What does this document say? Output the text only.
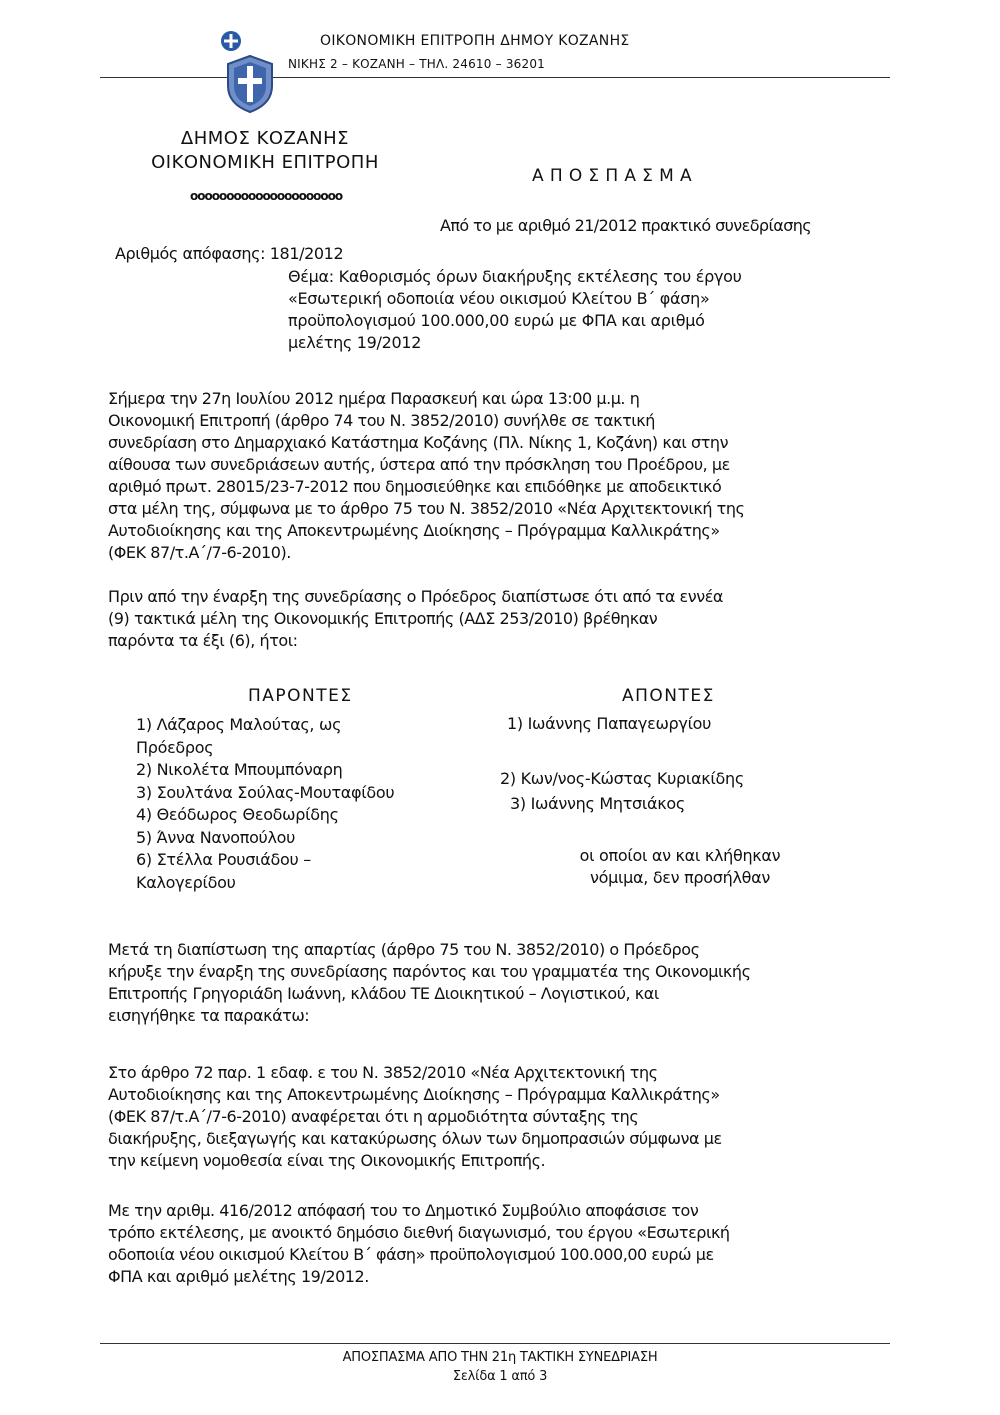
ΟΙΚΟΝΟΜΙΚΗ ΕΠΙΤΡΟΠΗ ΔΗΜΟΥ ΚΟΖΑΝΗΣ
ΝΙΚΗΣ 2 – ΚΟΖΑΝΗ – ΤΗΛ. 24610 – 36201
ΔΗΜΟΣ ΚΟΖΑΝΗΣ
ΟΙΚΟΝΟΜΙΚΗ ΕΠΙΤΡΟΠΗ
ooooooooooooooooooooo
Α Π Ο Σ Π Α Σ Μ Α
Από το με αριθμό 21/2012 πρακτικό συνεδρίασης
Αριθμός απόφασης: 181/2012
Θέμα: Καθορισμός όρων διακήρυξης εκτέλεσης του έργου
«Εσωτερική οδοποιία νέου οικισμού Κλείτου Β΄ φάση»
προϋπολογισμού 100.000,00 ευρώ με ΦΠΑ και αριθμό
μελέτης 19/2012
Σήμερα την 27η Ιουλίου 2012 ημέρα Παρασκευή και ώρα 13:00 μ.μ. η
Οικονομική Επιτροπή (άρθρο 74 του Ν. 3852/2010) συνήλθε σε τακτική
συνεδρίαση στο Δημαρχιακό Κατάστημα Κοζάνης (Πλ. Νίκης 1, Κοζάνη) και στην
αίθουσα των συνεδριάσεων αυτής, ύστερα από την πρόσκληση του Προέδρου, με
αριθμό πρωτ. 28015/23-7-2012 που δημοσιεύθηκε και επιδόθηκε με αποδεικτικό
στα μέλη της, σύμφωνα με το άρθρο 75 του Ν. 3852/2010 «Νέα Αρχιτεκτονική της
Αυτοδιοίκησης και της Αποκεντρωμένης Διοίκησης – Πρόγραμμα Καλλικράτης»
(ΦΕΚ 87/τ.Α΄/7-6-2010).
Πριν από την έναρξη της συνεδρίασης ο Πρόεδρος διαπίστωσε ότι από τα εννέα
(9) τακτικά μέλη της Οικονομικής Επιτροπής (ΑΔΣ 253/2010) βρέθηκαν
παρόντα τα έξι (6), ήτοι:
ΠΑΡΟΝΤΕΣ	ΑΠΟΝΤΕΣ
1) Λάζαρος Μαλούτας, ως
Πρόεδρος
2) Νικολέτα Μπουμπόναρη
3) Σουλτάνα Σούλας-Μουταφίδου
4) Θεόδωρος Θεοδωρίδης
5) Άννα Νανοπούλου
6) Στέλλα Ρουσιάδου –
Καλογερίδου
1) Ιωάννης Παπαγεωργίου
2) Κων/νος-Κώστας Κυριακίδης
3) Ιωάννης Μητσιάκος
οι οποίοι αν και κλήθηκαν
νόμιμα, δεν προσήλθαν
Μετά τη διαπίστωση της απαρτίας (άρθρο 75 του Ν. 3852/2010) ο Πρόεδρος
κήρυξε την έναρξη της συνεδρίασης παρόντος και του γραμματέα της Οικονομικής
Επιτροπής Γρηγοριάδη Ιωάννη, κλάδου ΤΕ Διοικητικού – Λογιστικού, και
εισηγήθηκε τα παρακάτω:
Στο άρθρο 72 παρ. 1 εδαφ. ε του Ν. 3852/2010 «Νέα Αρχιτεκτονική της
Αυτοδιοίκησης και της Αποκεντρωμένης Διοίκησης – Πρόγραμμα Καλλικράτης»
(ΦΕΚ 87/τ.Α΄/7-6-2010) αναφέρεται ότι η αρμοδιότητα σύνταξης της
διακήρυξης, διεξαγωγής και κατακύρωσης όλων των δημοπρασιών σύμφωνα με
την κείμενη νομοθεσία είναι της Οικονομικής Επιτροπής.
Με την αριθμ. 416/2012 απόφασή του το Δημοτικό Συμβούλιο αποφάσισε τον
τρόπο εκτέλεσης, με ανοικτό δημόσιο διεθνή διαγωνισμό, του έργου «Εσωτερική
οδοποιία νέου οικισμού Κλείτου Β΄ φάση» προϋπολογισμού 100.000,00 ευρώ με
ΦΠΑ και αριθμό μελέτης 19/2012.
ΑΠΟΣΠΑΣΜΑ ΑΠΟ ΤΗΝ 21η ΤΑΚΤΙΚΗ ΣΥΝΕΔΡΙΑΣΗ
Σελίδα 1 από 3
